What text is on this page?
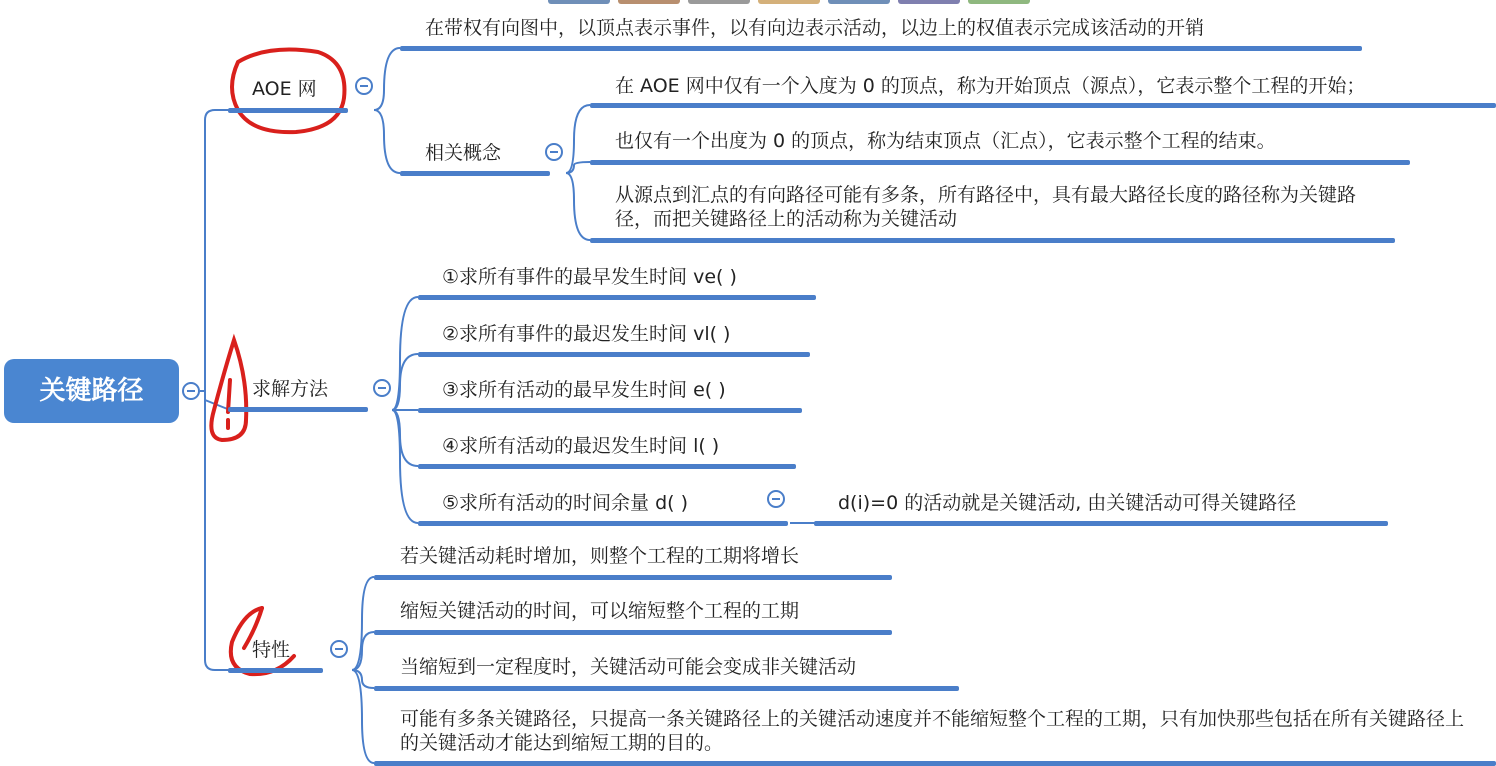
关键路径
AOE 网
在带权有向图中，以顶点表示事件，以有向边表示活动，以边上的权值表示完成该活动的开销
相关概念
在 AOE 网中仅有一个入度为 0 的顶点，称为开始顶点（源点），它表示整个工程的开始；
也仅有一个出度为 0 的顶点，称为结束顶点（汇点），它表示整个工程的结束。
从源点到汇点的有向路径可能有多条，所有路径中，具有最大路径长度的路径称为关键路径，而把关键路径上的活动称为关键活动
求解方法
①求所有事件的最早发生时间 ve( )
②求所有事件的最迟发生时间 vl( )
③求所有活动的最早发生时间 e( )
④求所有活动的最迟发生时间 l( )
⑤求所有活动的时间余量 d( )	d(i)=0 的活动就是关键活动, 由关键活动可得关键路径
特性
若关键活动耗时增加，则整个工程的工期将增长
缩短关键活动的时间，可以缩短整个工程的工期
当缩短到一定程度时，关键活动可能会变成非关键活动
可能有多条关键路径，只提高一条关键路径上的关键活动速度并不能缩短整个工程的工期，只有加快那些包括在所有关键路径上的关键活动才能达到缩短工期的目的。
